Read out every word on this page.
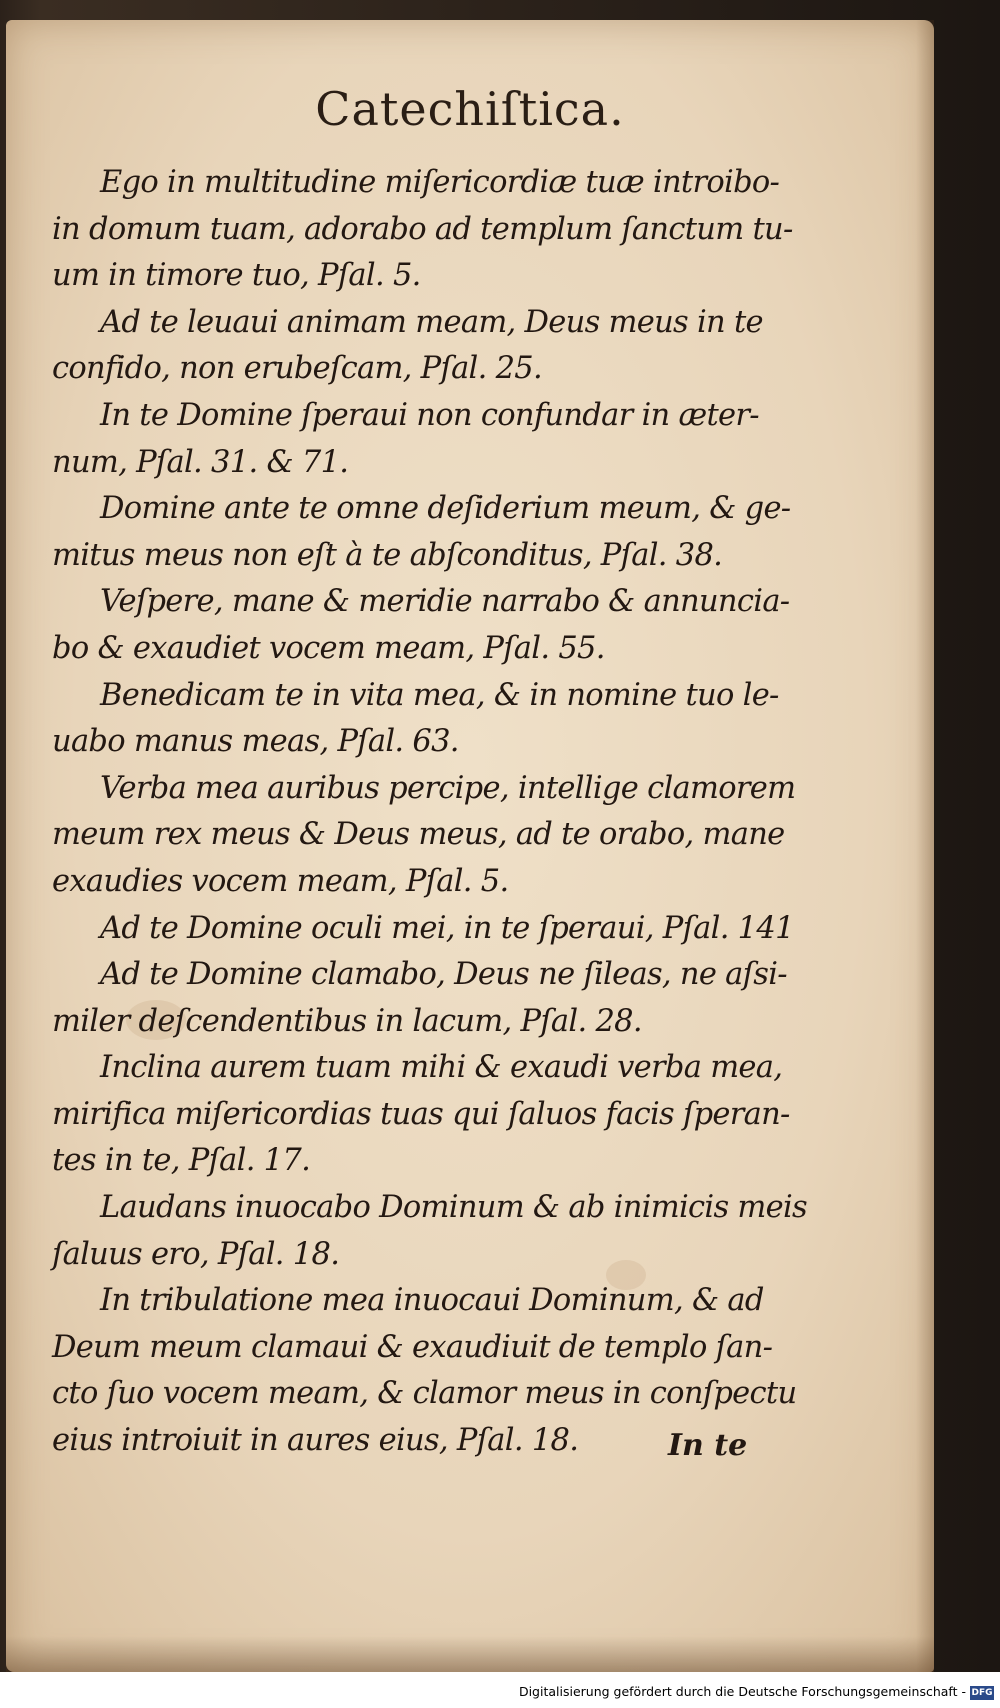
Catechiſtica.

Ego in multitudine miſericordiæ tuæ introibo-
in domum tuam, adorabo ad templum ſanctum tu-
um in timore tuo, Pſal. 5.

Ad te leuaui animam meam, Deus meus in te
confido, non erubeſcam, Pſal. 25.

In te Domine ſperaui non confundar in æter-
num, Pſal. 31. & 71.

Domine ante te omne deſiderium meum, & ge-
mitus meus non eſt à te abſconditus, Pſal. 38.

Veſpere, mane & meridie narrabo & annuncia-
bo & exaudiet vocem meam, Pſal. 55.

Benedicam te in vita mea, & in nomine tuo le-
uabo manus meas, Pſal. 63.

Verba mea auribus percipe, intellige clamorem
meum rex meus & Deus meus, ad te orabo, mane
exaudies vocem meam, Pſal. 5.

Ad te Domine oculi mei, in te ſperaui, Pſal. 141

Ad te Domine clamabo, Deus ne ſileas, ne aſsi-
miler deſcendentibus in lacum, Pſal. 28.

Inclina aurem tuam mihi & exaudi verba mea,
mirifica miſericordias tuas qui ſaluos facis ſperan-
tes in te, Pſal. 17.

Laudans inuocabo Dominum & ab inimicis meis
ſaluus ero, Pſal. 18.

In tribulatione mea inuocaui Dominum, & ad
Deum meum clamaui & exaudiuit de templo ſan-
cto ſuo vocem meam, & clamor meus in conſpectu
eius introiuit in aures eius, Pſal. 18.	In te
Digitalisierung gefördert durch die Deutsche Forschungsgemeinschaft - DFG
